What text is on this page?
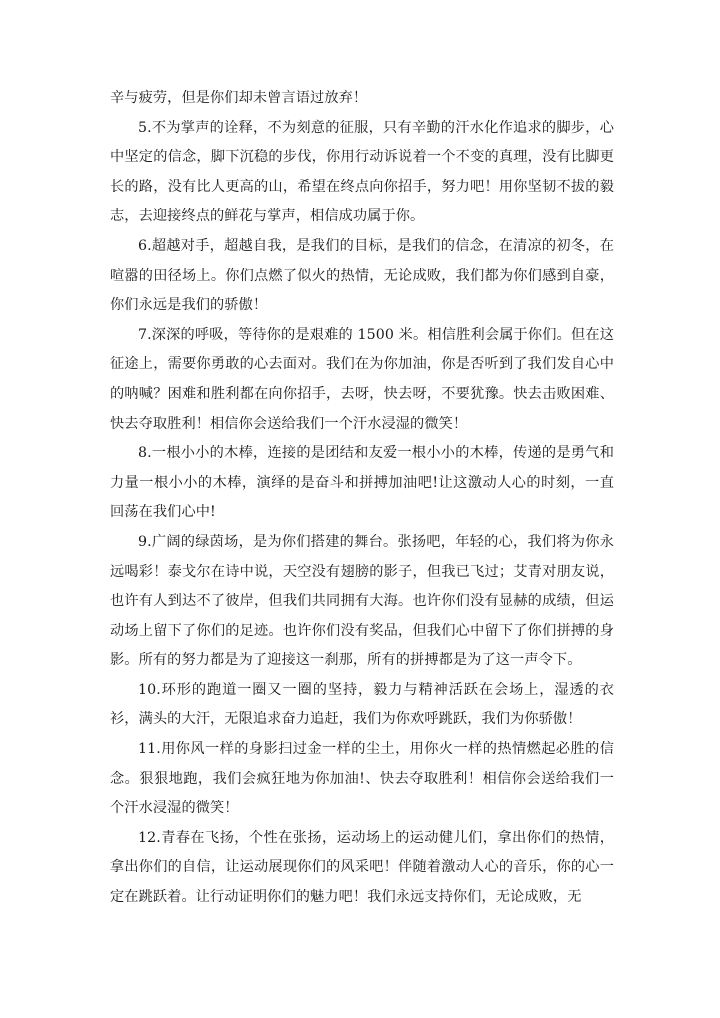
辛与疲劳，但是你们却未曾言语过放弃！

5.不为掌声的诠释，不为刻意的征服，只有辛勤的汗水化作追求的脚步，心中坚定的信念，脚下沉稳的步伐，你用行动诉说着一个不变的真理，没有比脚更长的路，没有比人更高的山，希望在终点向你招手，努力吧！用你坚韧不拔的毅志，去迎接终点的鲜花与掌声，相信成功属于你。

6.超越对手，超越自我，是我们的目标，是我们的信念，在清凉的初冬，在喧嚣的田径场上。你们点燃了似火的热情，无论成败，我们都为你们感到自豪，你们永远是我们的骄傲！

7.深深的呼吸，等待你的是艰难的 1500 米。相信胜利会属于你们。但在这征途上，需要你勇敢的心去面对。我们在为你加油，你是否听到了我们发自心中的呐喊？困难和胜利都在向你招手，去呀，快去呀，不要犹豫。快去击败困难、快去夺取胜利！相信你会送给我们一个汗水浸湿的微笑！

8.一根小小的木棒，连接的是团结和友爱一根小小的木棒，传递的是勇气和力量一根小小的木棒，演绎的是奋斗和拼搏加油吧!让这激动人心的时刻，一直回荡在我们心中!

9.广阔的绿茵场，是为你们搭建的舞台。张扬吧，年轻的心，我们将为你永远喝彩！泰戈尔在诗中说，天空没有翅膀的影子，但我已飞过；艾青对朋友说，也许有人到达不了彼岸，但我们共同拥有大海。也许你们没有显赫的成绩，但运动场上留下了你们的足迹。也许你们没有奖品，但我们心中留下了你们拼搏的身影。所有的努力都是为了迎接这一刹那，所有的拼搏都是为了这一声令下。

10.环形的跑道一圈又一圈的坚持，毅力与精神活跃在会场上，湿透的衣衫，满头的大汗，无限追求奋力追赶，我们为你欢呼跳跃，我们为你骄傲！

11.用你风一样的身影扫过金一样的尘土，用你火一样的热情燃起必胜的信念。狠狠地跑，我们会疯狂地为你加油!、快去夺取胜利！相信你会送给我们一个汗水浸湿的微笑！

12.青春在飞扬，个性在张扬，运动场上的运动健儿们，拿出你们的热情，拿出你们的自信，让运动展现你们的风采吧！伴随着激动人心的音乐，你的心一定在跳跃着。让行动证明你们的魅力吧！我们永远支持你们，无论成败，无
